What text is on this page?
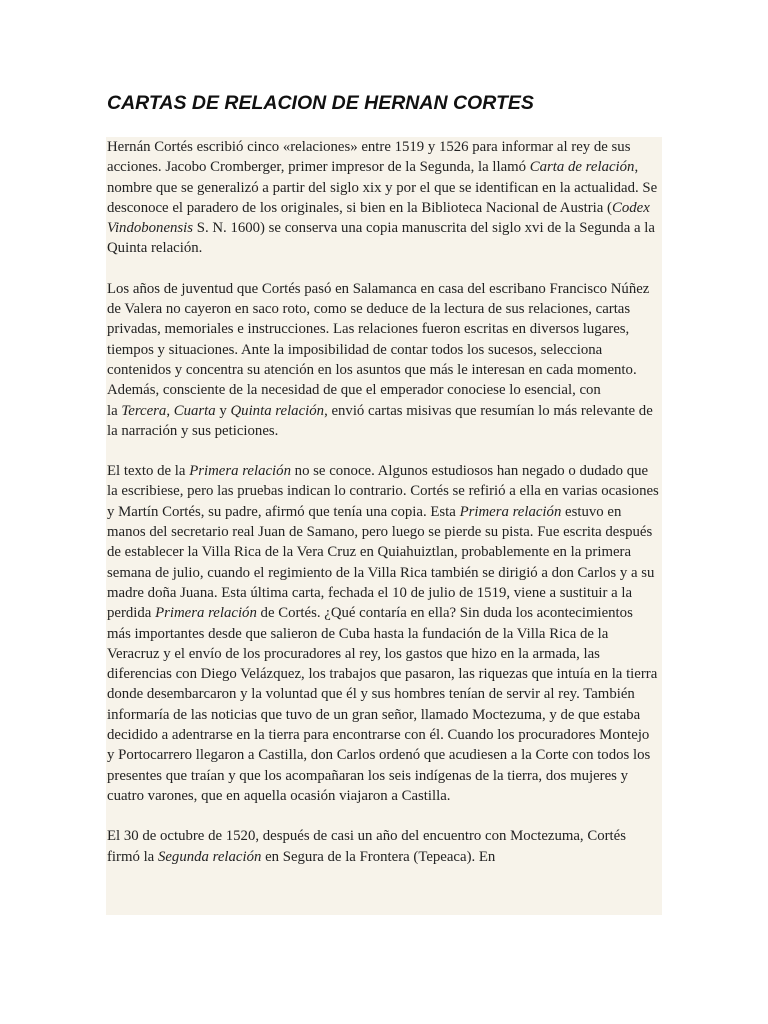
CARTAS DE RELACION DE HERNAN CORTES

Hernán Cortés escribió cinco «relaciones» entre 1519 y 1526 para informar al rey de sus acciones. Jacobo Cromberger, primer impresor de la Segunda, la llamó Carta de relación, nombre que se generalizó a partir del siglo xix y por el que se identifican en la actualidad. Se desconoce el paradero de los originales, si bien en la Biblioteca Nacional de Austria (Codex Vindobonensis S. N. 1600) se conserva una copia manuscrita del siglo xvi de la Segunda a la Quinta relación.

Los años de juventud que Cortés pasó en Salamanca en casa del escribano Francisco Núñez de Valera no cayeron en saco roto, como se deduce de la lectura de sus relaciones, cartas privadas, memoriales e instrucciones. Las relaciones fueron escritas en diversos lugares, tiempos y situaciones. Ante la imposibilidad de contar todos los sucesos, selecciona contenidos y concentra su atención en los asuntos que más le interesan en cada momento. Además, consciente de la necesidad de que el emperador conociese lo esencial, con
la Tercera, Cuarta y Quinta relación, envió cartas misivas que resumían lo más relevante de la narración y sus peticiones.

El texto de la Primera relación no se conoce. Algunos estudiosos han negado o dudado que la escribiese, pero las pruebas indican lo contrario. Cortés se refirió a ella en varias ocasiones y Martín Cortés, su padre, afirmó que tenía una copia. Esta Primera relación estuvo en manos del secretario real Juan de Samano, pero luego se pierde su pista. Fue escrita después de establecer la Villa Rica de la Vera Cruz en Quiahuiztlan, probablemente en la primera semana de julio, cuando el regimiento de la Villa Rica también se dirigió a don Carlos y a su madre doña Juana. Esta última carta, fechada el 10 de julio de 1519, viene a sustituir a la perdida Primera relación de Cortés. ¿Qué contaría en ella? Sin duda los acontecimientos más importantes desde que salieron de Cuba hasta la fundación de la Villa Rica de la Veracruz y el envío de los procuradores al rey, los gastos que hizo en la armada, las diferencias con Diego Velázquez, los trabajos que pasaron, las riquezas que intuía en la tierra donde desembarcaron y la voluntad que él y sus hombres tenían de servir al rey. También informaría de las noticias que tuvo de un gran señor, llamado Moctezuma, y de que estaba decidido a adentrarse en la tierra para encontrarse con él. Cuando los procuradores Montejo y Portocarrero llegaron a Castilla, don Carlos ordenó que acudiesen a la Corte con todos los presentes que traían y que los acompañaran los seis indígenas de la tierra, dos mujeres y cuatro varones, que en aquella ocasión viajaron a Castilla.

El 30 de octubre de 1520, después de casi un año del encuentro con Moctezuma, Cortés firmó la Segunda relación en Segura de la Frontera (Tepeaca). En
